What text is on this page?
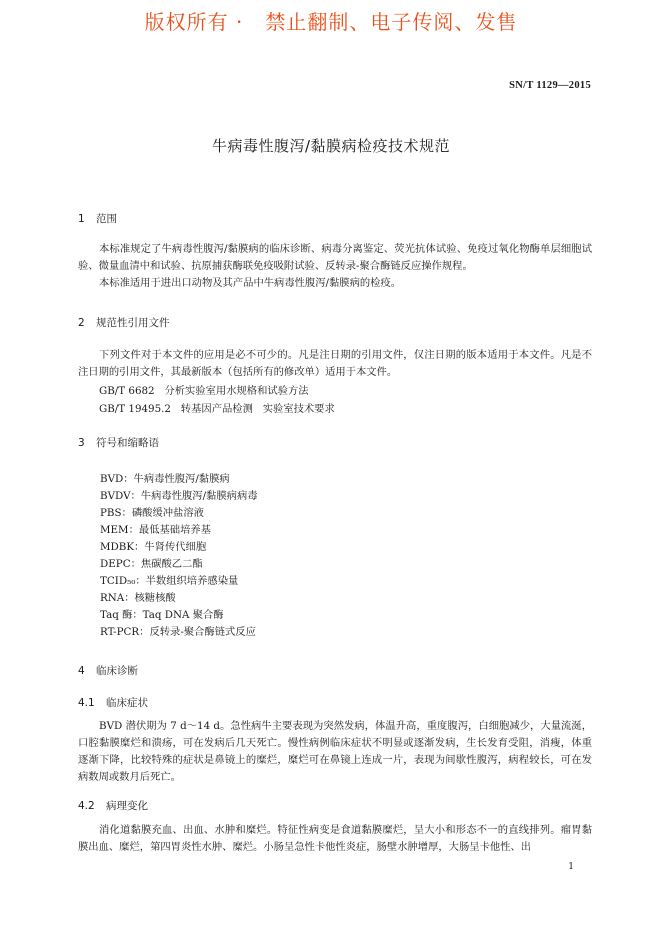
版权所有 ·   禁止翻制、电子传阅、发售
SN/T 1129—2015
牛病毒性腹泻/黏膜病检疫技术规范
1 范围
本标准规定了牛病毒性腹泻/黏膜病的临床诊断、病毒分离鉴定、荧光抗体试验、免疫过氧化物酶单层细胞试验、微量血清中和试验、抗原捕获酶联免疫吸附试验、反转录-聚合酶链反应操作规程。
本标准适用于进出口动物及其产品中牛病毒性腹泻/黏膜病的检疫。
2 规范性引用文件
下列文件对于本文件的应用是必不可少的。凡是注日期的引用文件，仅注日期的版本适用于本文件。凡是不注日期的引用文件，其最新版本（包括所有的修改单）适用于本文件。
GB/T 6682   分析实验室用水规格和试验方法
GB/T 19495.2   转基因产品检测   实验室技术要求
3 符号和缩略语
BVD：牛病毒性腹泻/黏膜病
BVDV：牛病毒性腹泻/黏膜病病毒
PBS：磷酸缓冲盐溶液
MEM：最低基础培养基
MDBK：牛肾传代细胞
DEPC：焦碳酸乙二酯
TCID₅₀：半数组织培养感染量
RNA：核糖核酸
Taq 酶：Taq DNA 聚合酶
RT-PCR：反转录-聚合酶链式反应
4 临床诊断
4.1 临床症状
BVD 潜伏期为 7 d～14 d。急性病牛主要表现为突然发病，体温升高，重度腹泻，白细胞减少，大量流涎，口腔黏膜糜烂和溃疡，可在发病后几天死亡。慢性病例临床症状不明显或逐渐发病，生长发育受阻，消瘦，体重逐渐下降，比较特殊的症状是鼻镜上的糜烂，糜烂可在鼻镜上连成一片，表现为间歇性腹泻，病程较长，可在发病数周或数月后死亡。
4.2 病理变化
消化道黏膜充血、出血、水肿和糜烂。特征性病变是食道黏膜糜烂，呈大小和形态不一的直线排列。瘤胃黏膜出血、糜烂，第四胃炎性水肿、糜烂。小肠呈急性卡他性炎症，肠壁水肿增厚，大肠呈卡他性、出
1
